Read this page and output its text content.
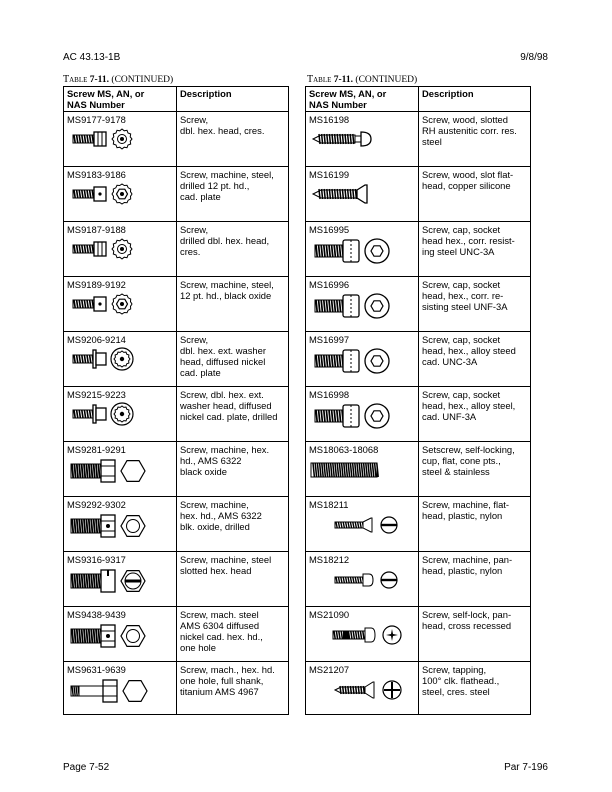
AC 43.13-1B	9/8/98
Table 7-11. (CONTINUED)	Table 7-11. (CONTINUED)
Screw MS, AN, or
NAS Number	Description

MS9177-9178	Screw,
dbl. hex. head, cres.

MS9183-9186	Screw, machine, steel,
drilled 12 pt. hd.,
cad. plate

MS9187-9188	Screw,
drilled dbl. hex. head,
cres.

MS9189-9192	Screw, machine, steel,
12 pt. hd., black oxide

MS9206-9214	Screw,
dbl. hex. ext. washer
head, diffused nickel
cad. plate

MS9215-9223	Screw, dbl. hex. ext.
washer head, diffused
nickel cad. plate, drilled

MS9281-9291	Screw, machine, hex.
hd., AMS 6322
black oxide

MS9292-9302	Screw, machine,
hex. hd., AMS 6322
blk. oxide, drilled

MS9316-9317	Screw, machine, steel
slotted hex. head

MS9438-9439	Screw, mach. steel
AMS 6304 diffused
nickel cad. hex. hd.,
one hole

MS9631-9639	Screw, mach., hex. hd.
one hole, full shank,
titanium AMS 4967
Screw MS, AN, or
NAS Number	Description

MS16198	Screw, wood, slotted
RH austenitic corr. res.
steel

MS16199	Screw, wood, slot flat-
head, copper silicone

MS16995	Screw, cap, socket
head hex., corr. resist-
ing steel UNC-3A

MS16996	Screw, cap, socket
head, hex., corr. re-
sisting steel UNF-3A

MS16997	Screw, cap, socket
head, hex., alloy steed
cad. UNC-3A

MS16998	Screw, cap, socket
head, hex., alloy steel,
cad. UNF-3A

MS18063-18068	Setscrew, self-locking,
cup, flat, cone pts.,
steel & stainless

MS18211	Screw, machine, flat-
head, plastic, nylon

MS18212	Screw, machine, pan-
head, plastic, nylon

MS21090	Screw, self-lock, pan-
head, cross recessed

MS21207	Screw, tapping,
100° clk. flathead.,
steel, cres. steel
Page 7-52	Par 7-196
